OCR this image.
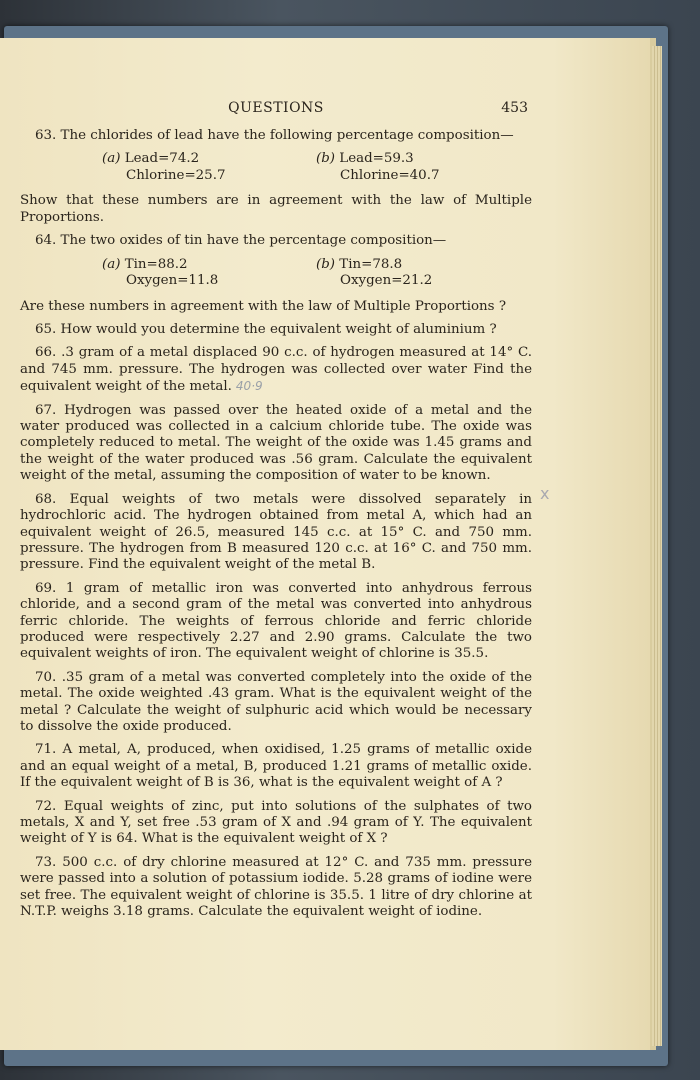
QUESTIONS	453

63. The chlorides of lead have the following percentage composition—

(a) Lead=74.2
Chlorine=25.7
(b) Lead=59.3
Chlorine=40.7

Show that these numbers are in agreement with the law of Multiple Proportions.

64. The two oxides of tin have the percentage composition—

(a) Tin=88.2
Oxygen=11.8
(b) Tin=78.8
Oxygen=21.2

Are these numbers in agreement with the law of Multiple Proportions ?

65. How would you determine the equivalent weight of aluminium ?

66. .3 gram of a metal displaced 90 c.c. of hydrogen measured at 14° C. and 745 mm. pressure. The hydrogen was collected over water Find the equivalent weight of the metal. 40·9

67. Hydrogen was passed over the heated oxide of a metal and the water produced was collected in a calcium chloride tube. The oxide was completely reduced to metal. The weight of the oxide was 1.45 grams and the weight of the water produced was .56 gram. Calculate the equivalent weight of the metal, assuming the composition of water to be known.

68. Equal weights of two metals were dissolved separately in hydrochloric acid. The hydrogen obtained from metal A, which had an equivalent weight of 26.5, measured 145 c.c. at 15° C. and 750 mm. pressure. The hydrogen from B measured 120 c.c. at 16° C. and 750 mm. pressure. Find the equivalent weight of the metal B.

69. 1 gram of metallic iron was converted into anhydrous ferrous chloride, and a second gram of the metal was converted into anhydrous ferric chloride. The weights of ferrous chloride and ferric chloride produced were respectively 2.27 and 2.90 grams. Calculate the two equivalent weights of iron. The equivalent weight of chlorine is 35.5.

70. .35 gram of a metal was converted completely into the oxide of the metal. The oxide weighted .43 gram. What is the equivalent weight of the metal ? Calculate the weight of sulphuric acid which would be necessary to dissolve the oxide produced.

71. A metal, A, produced, when oxidised, 1.25 grams of metallic oxide and an equal weight of a metal, B, produced 1.21 grams of metallic oxide. If the equivalent weight of B is 36, what is the equivalent weight of A ?

72. Equal weights of zinc, put into solutions of the sulphates of two metals, X and Y, set free .53 gram of X and .94 gram of Y. The equivalent weight of Y is 64. What is the equivalent weight of X ?

73. 500 c.c. of dry chlorine measured at 12° C. and 735 mm. pressure were passed into a solution of potassium iodide. 5.28 grams of iodine were set free. The equivalent weight of chlorine is 35.5. 1 litre of dry chlorine at N.T.P. weighs 3.18 grams. Calculate the equivalent weight of iodine.

x
